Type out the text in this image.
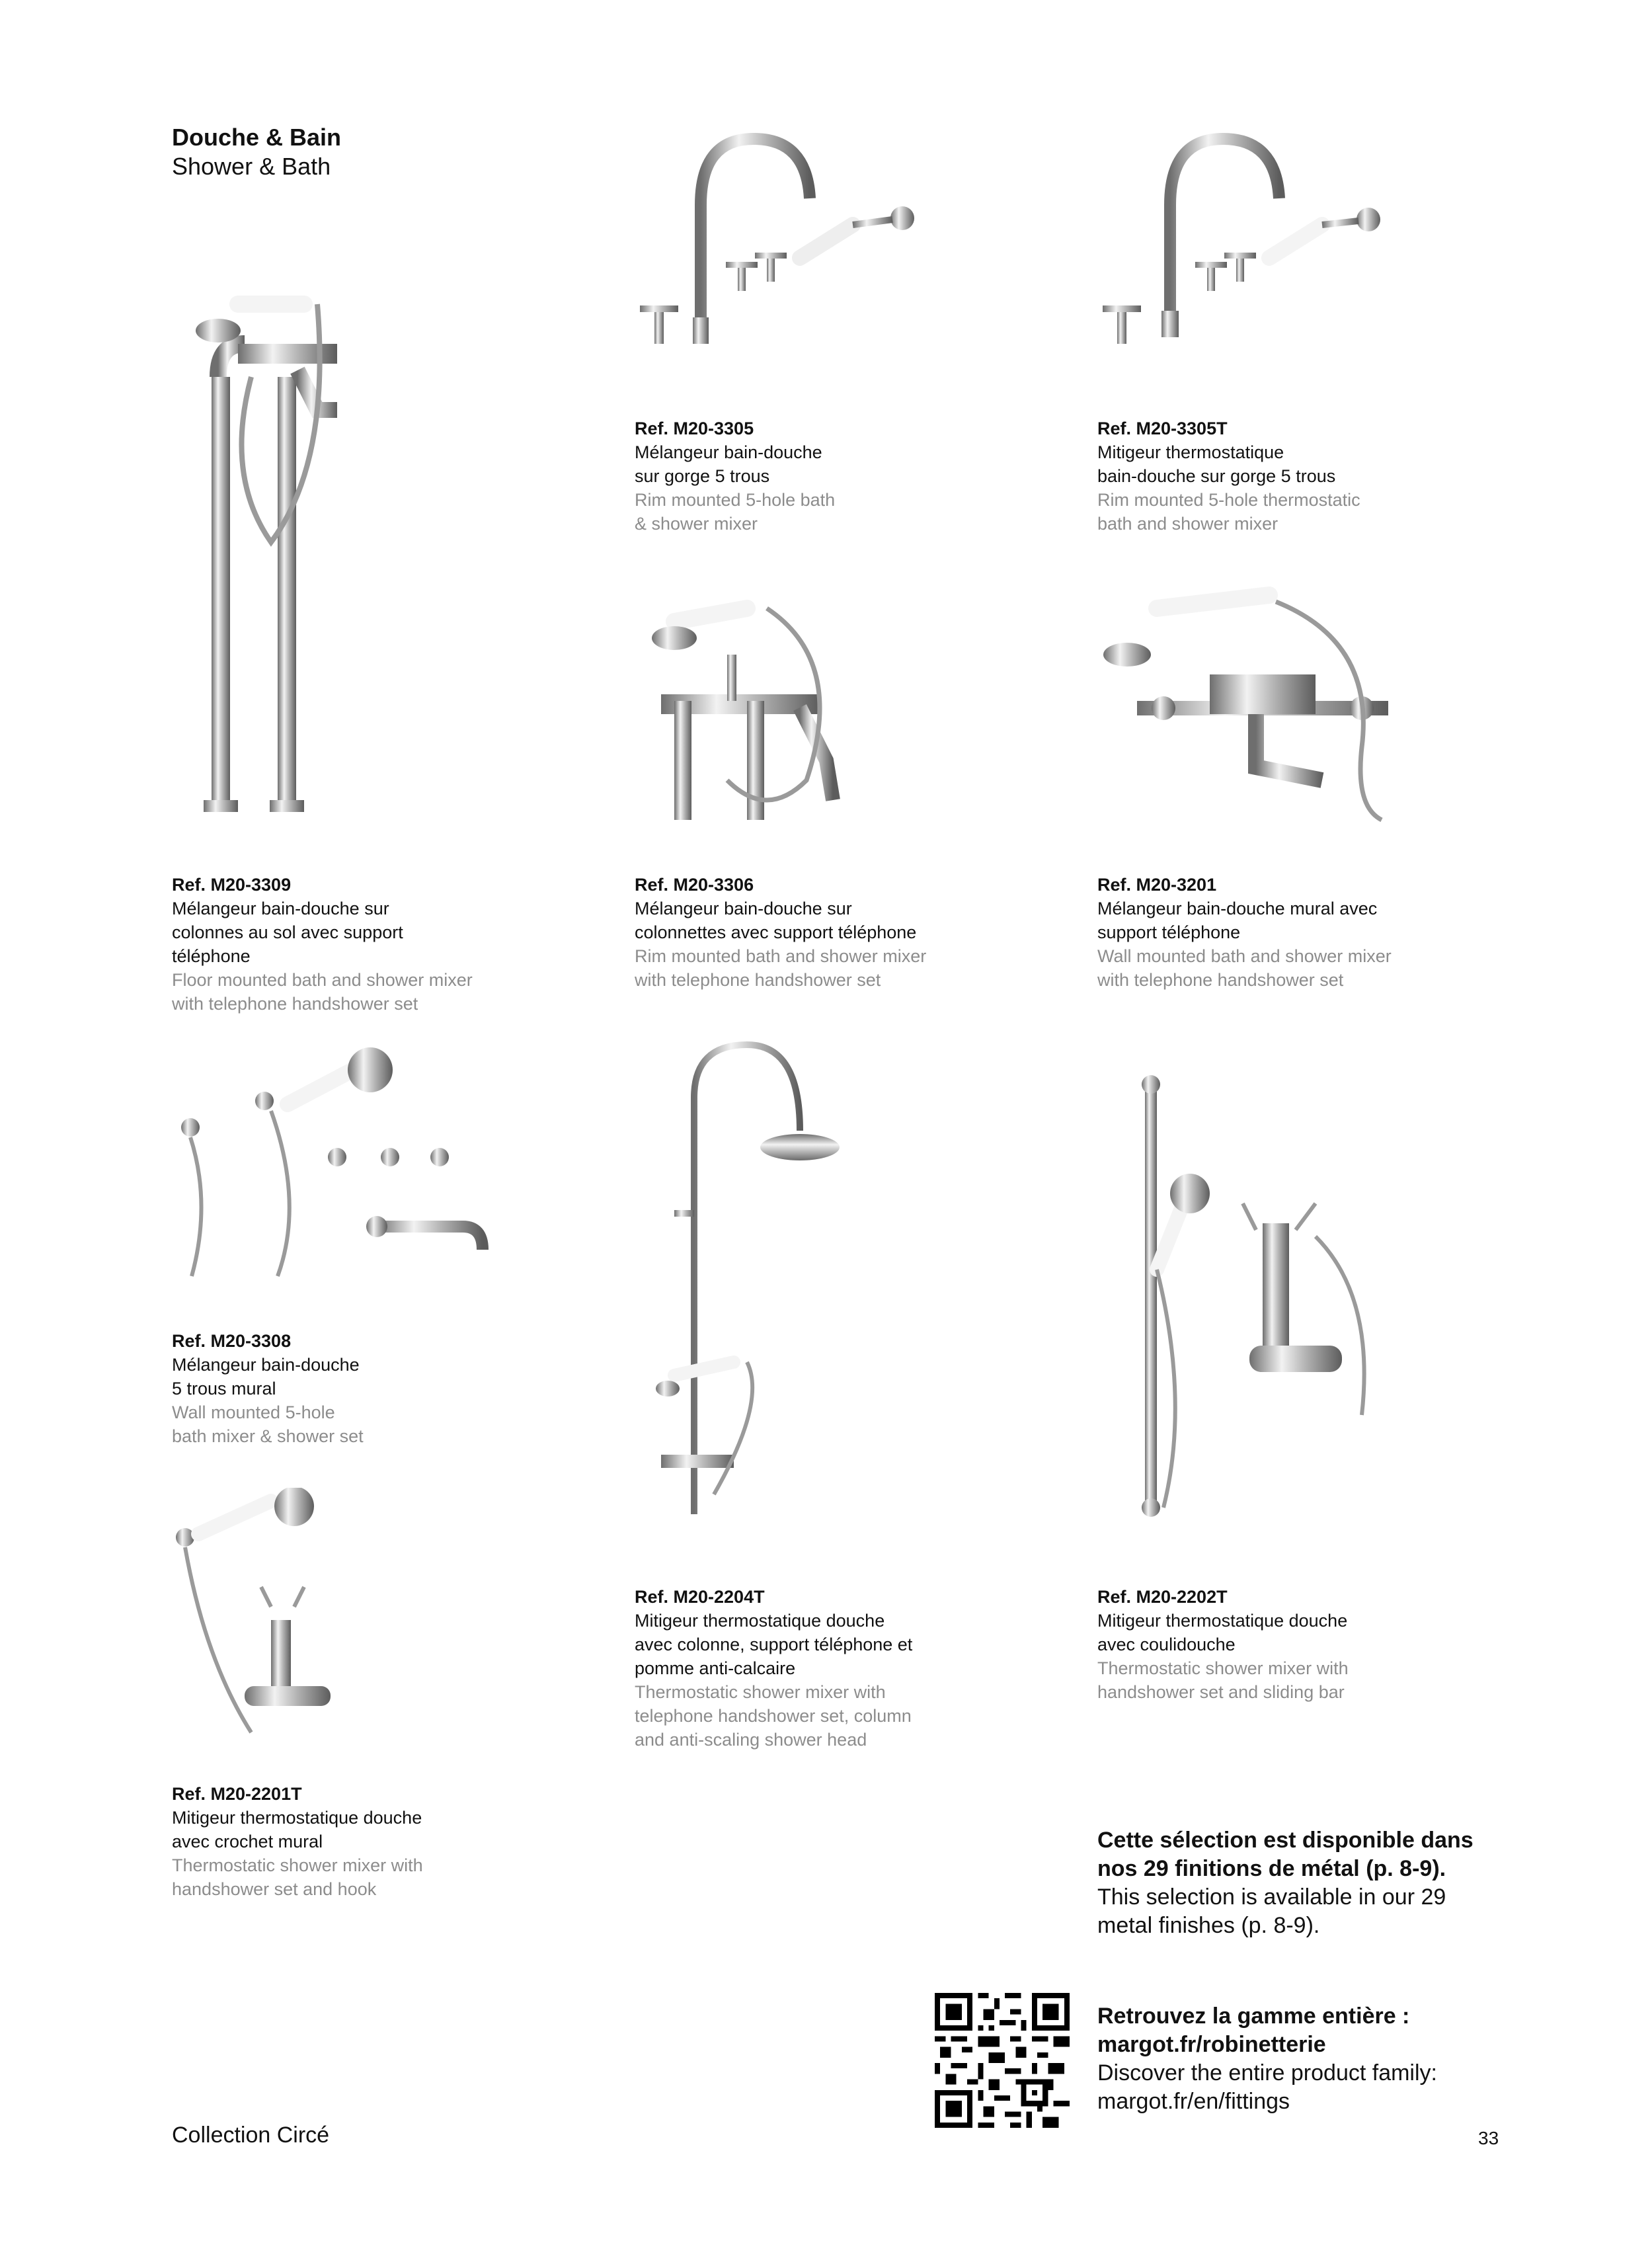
Douche & Bain
Shower & Bath
Ref. M20-3305
Mélangeur bain-douche
sur gorge 5 trous
Rim mounted 5-hole bath
& shower mixer
Ref. M20-3305T
Mitigeur thermostatique
bain-douche sur gorge 5 trous
Rim mounted 5-hole thermostatic
bath and shower mixer
Ref. M20-3309
Mélangeur bain-douche sur
colonnes au sol avec support
téléphone
Floor mounted bath and shower mixer
with telephone handshower set
Ref. M20-3306
Mélangeur bain-douche sur
colonnettes avec support téléphone
Rim mounted bath and shower mixer
with telephone handshower set
Ref. M20-3201
Mélangeur bain-douche mural avec
support téléphone
Wall mounted bath and shower mixer
with telephone handshower set
Ref. M20-3308
Mélangeur bain-douche
5 trous mural
Wall mounted 5-hole
bath mixer & shower set
Ref. M20-2204T
Mitigeur thermostatique douche
avec colonne, support téléphone et
pomme anti-calcaire
Thermostatic shower mixer with
telephone handshower set, column
and anti-scaling shower head
Ref. M20-2202T
Mitigeur thermostatique douche
avec coulidouche
Thermostatic shower mixer with
handshower set and sliding bar
Ref. M20-2201T
Mitigeur thermostatique douche
avec crochet mural
Thermostatic shower mixer with
handshower set and hook
Cette sélection est disponible dans
nos 29 finitions de métal (p. 8-9).
This selection is available in our 29
metal finishes (p. 8-9).
Retrouvez la gamme entière :
margot.fr/robinetterie
Discover the entire product family:
margot.fr/en/fittings
Collection Circé	33
